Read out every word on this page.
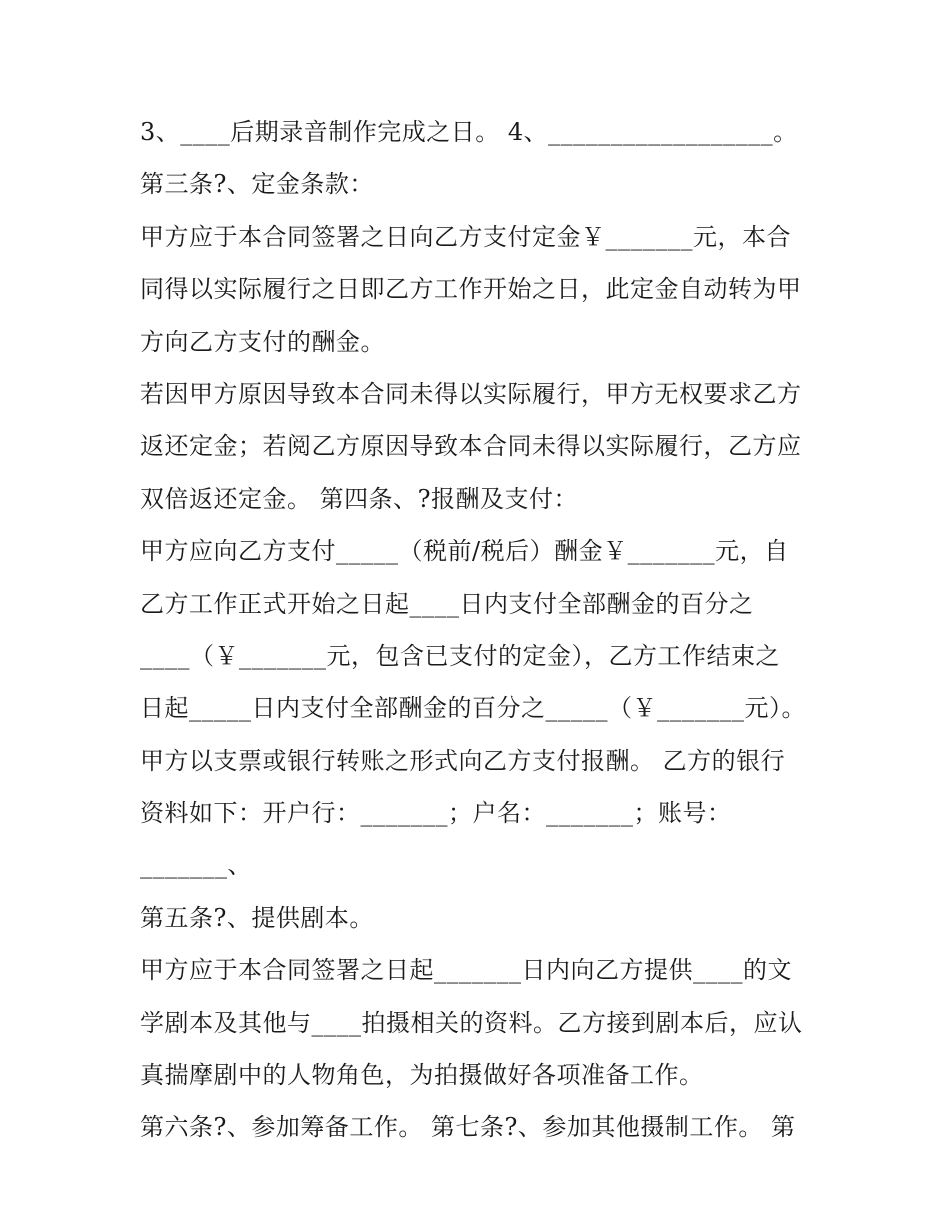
3、____后期录音制作完成之日。 4、__________________。
第三条?、定金条款：
甲方应于本合同签署之日向乙方支付定金￥_______元，本合
同得以实际履行之日即乙方工作开始之日，此定金自动转为甲
方向乙方支付的酬金。
若因甲方原因导致本合同未得以实际履行，甲方无权要求乙方
返还定金；若阅乙方原因导致本合同未得以实际履行，乙方应
双倍返还定金。 第四条、?报酬及支付：
甲方应向乙方支付_____（税前/税后）酬金￥_______元，自
乙方工作正式开始之日起____日内支付全部酬金的百分之
____（￥_______元，包含已支付的定金），乙方工作结束之
日起_____日内支付全部酬金的百分之_____（￥_______元）。
甲方以支票或银行转账之形式向乙方支付报酬。 乙方的银行
资料如下：开户行：_______；户名：_______；账号：
_______、
第五条?、提供剧本。
甲方应于本合同签署之日起_______日内向乙方提供____的文
学剧本及其他与____拍摄相关的资料。乙方接到剧本后，应认
真揣摩剧中的人物角色，为拍摄做好各项准备工作。
第六条?、参加筹备工作。 第七条?、参加其他摄制工作。 第
